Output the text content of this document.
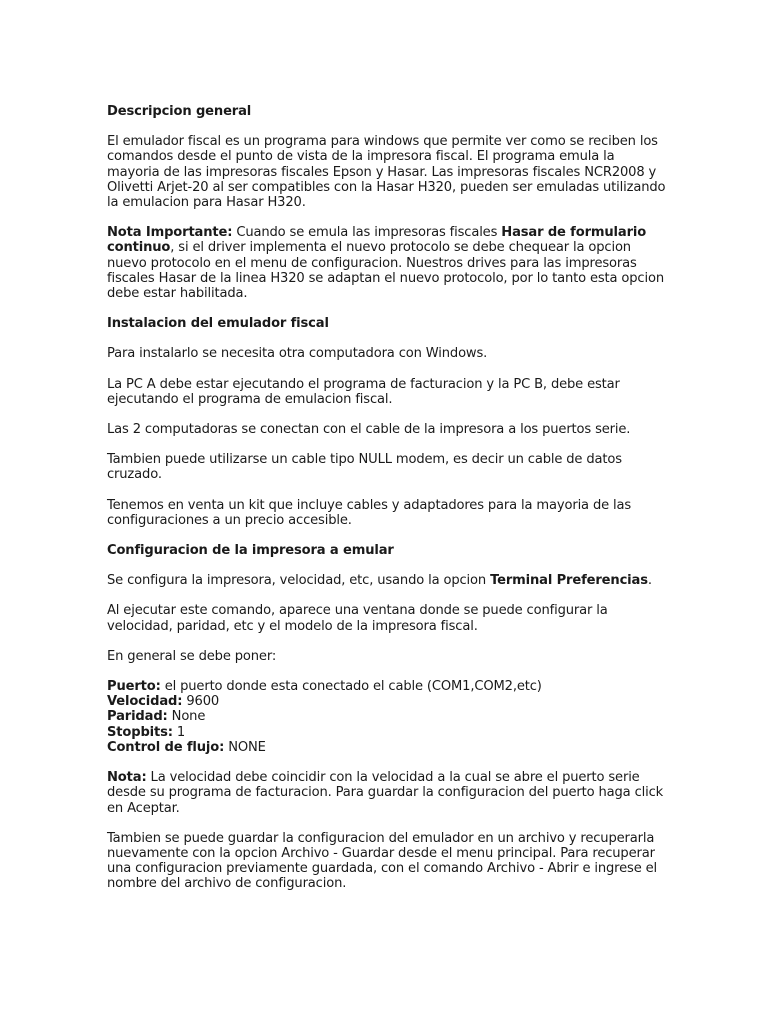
Descripcion general
El emulador fiscal es un programa para windows que permite ver como se reciben los comandos desde el punto de vista de la impresora fiscal. El programa emula la mayoria de las impresoras fiscales Epson y Hasar. Las impresoras fiscales NCR2008 y Olivetti Arjet-20 al ser compatibles con la Hasar H320, pueden ser emuladas utilizando la emulacion para Hasar H320.
Nota Importante: Cuando se emula las impresoras fiscales Hasar de formulario continuo, si el driver implementa el nuevo protocolo se debe chequear la opcion nuevo protocolo en el menu de configuracion. Nuestros drives para las impresoras fiscales Hasar de la linea H320 se adaptan el nuevo protocolo, por lo tanto esta opcion debe estar habilitada.
Instalacion del emulador fiscal
Para instalarlo se necesita otra computadora con Windows.
La PC A debe estar ejecutando el programa de facturacion y la PC B, debe estar ejecutando el programa de emulacion fiscal.
Las 2 computadoras se conectan con el cable de la impresora a los puertos serie.
Tambien puede utilizarse un cable tipo NULL modem, es decir un cable de datos cruzado.
Tenemos en venta un kit que incluye cables y adaptadores para la mayoria de las configuraciones a un precio accesible.
Configuracion de la impresora a emular
Se configura la impresora, velocidad, etc, usando la opcion Terminal Preferencias.
Al ejecutar este comando, aparece una ventana donde se puede configurar la velocidad, paridad, etc y el modelo de la impresora fiscal.
En general se debe poner:
Puerto: el puerto donde esta conectado el cable (COM1,COM2,etc)
Velocidad: 9600
Paridad: None
Stopbits: 1
Control de flujo: NONE
Nota: La velocidad debe coincidir con la velocidad a la cual se abre el puerto serie desde su programa de facturacion. Para guardar la configuracion del puerto haga click en Aceptar.
Tambien se puede guardar la configuracion del emulador en un archivo y recuperarla nuevamente con la opcion Archivo - Guardar desde el menu principal. Para recuperar una configuracion previamente guardada, con el comando Archivo - Abrir e ingrese el nombre del archivo de configuracion.
